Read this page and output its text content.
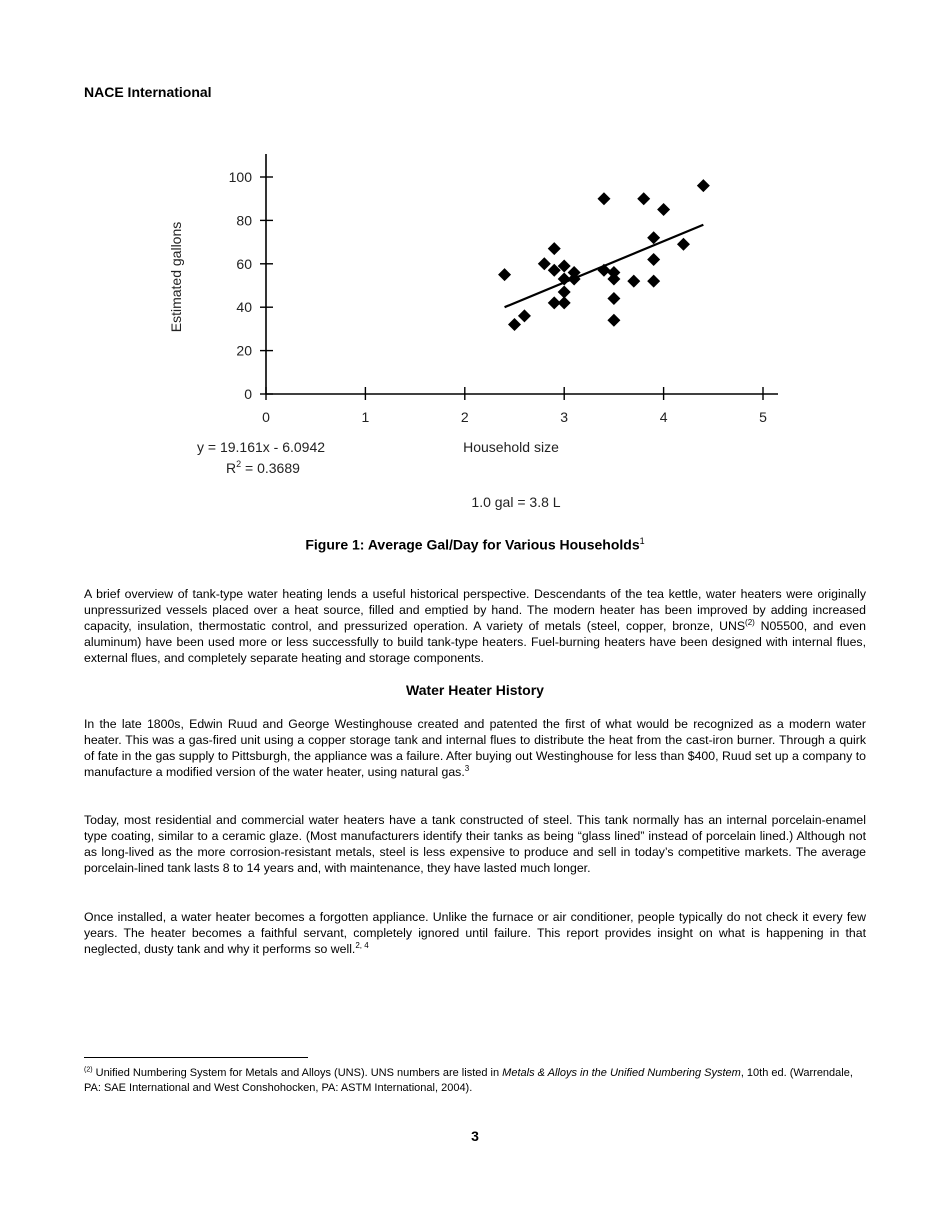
NACE International
0	1	2	3	4	5
0
20
40
60
80
100
Estimated gallons
Household size
y = 19.161x - 6.0942
$R^2 = 0.3689$
1.0 gal = 3.8 L
Figure 1: Average Gal/Day for Various Households$^1$
A brief overview of tank-type water heating lends a useful historical perspective. Descendants of the tea kettle, water heaters were originally unpressurized vessels placed over a heat source, filled and emptied by hand. The modern heater has been improved by adding increased capacity, insulation, thermostatic control, and pressurized operation. A variety of metals (steel, copper, bronze, UNS$^{(2)}$ N05500, and even aluminum) have been used more or less successfully to build tank-type heaters. Fuel-burning heaters have been designed with internal flues, external flues, and completely separate heating and storage components.
Water Heater History
In the late 1800s, Edwin Ruud and George Westinghouse created and patented the first of what would be recognized as a modern water heater. This was a gas-fired unit using a copper storage tank and internal flues to distribute the heat from the cast-iron burner. Through a quirk of fate in the gas supply to Pittsburgh, the appliance was a failure. After buying out Westinghouse for less than $400, Ruud set up a company to manufacture a modified version of the water heater, using natural gas.$^3$
Today, most residential and commercial water heaters have a tank constructed of steel. This tank normally has an internal porcelain-enamel type coating, similar to a ceramic glaze. (Most manufacturers identify their tanks as being “glass lined” instead of porcelain lined.) Although not as long-lived as the more corrosion-resistant metals, steel is less expensive to produce and sell in today’s competitive markets. The average porcelain-lined tank lasts 8 to 14 years and, with maintenance, they have lasted much longer.
Once installed, a water heater becomes a forgotten appliance. Unlike the furnace or air conditioner, people typically do not check it every few years. The heater becomes a faithful servant, completely ignored until failure. This report provides insight on what is happening in that neglected, dusty tank and why it performs so well.$^{2, 4}$
$^{(2)}$ Unified Numbering System for Metals and Alloys (UNS). UNS numbers are listed in Metals & Alloys in the Unified Numbering System, 10th ed. (Warrendale, PA: SAE International and West Conshohocken, PA: ASTM International, 2004).
3
